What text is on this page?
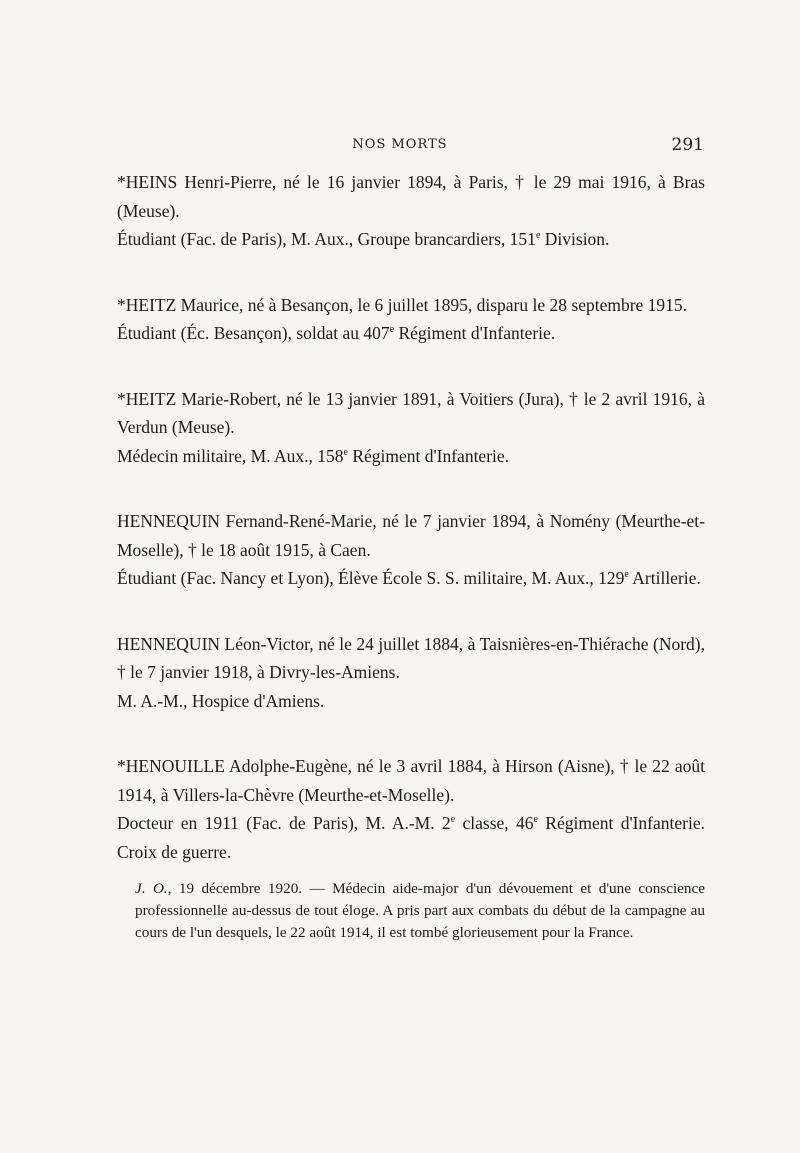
NOS MORTS	291

*HEINS Henri-Pierre, né le 16 janvier 1894, à Paris, † le 29 mai 1916, à Bras (Meuse).

Étudiant (Fac. de Paris), M. Aux., Groupe brancardiers, 151e Division.

*HEITZ Maurice, né à Besançon, le 6 juillet 1895, disparu le 28 septembre 1915.

Étudiant (Éc. Besançon), soldat au 407e Régiment d'Infanterie.

*HEITZ Marie-Robert, né le 13 janvier 1891, à Voitiers (Jura), † le 2 avril 1916, à Verdun (Meuse).

Médecin militaire, M. Aux., 158e Régiment d'Infanterie.

HENNEQUIN Fernand-René-Marie, né le 7 janvier 1894, à Nomény (Meurthe-et-Moselle), † le 18 août 1915, à Caen.

Étudiant (Fac. Nancy et Lyon), Élève École S. S. militaire, M. Aux., 129e Artillerie.

HENNEQUIN Léon-Victor, né le 24 juillet 1884, à Taisnières-en-Thiérache (Nord), † le 7 janvier 1918, à Divry-les-Amiens.

M. A.-M., Hospice d'Amiens.

*HENOUILLE Adolphe-Eugène, né le 3 avril 1884, à Hirson (Aisne), † le 22 août 1914, à Villers-la-Chèvre (Meurthe-et-Moselle).

Docteur en 1911 (Fac. de Paris), M. A.-M. 2e classe, 46e Régiment d'Infanterie. Croix de guerre.

J. O., 19 décembre 1920. — Médecin aide-major d'un dévouement et d'une conscience professionnelle au-dessus de tout éloge. A pris part aux combats du début de la campagne au cours de l'un desquels, le 22 août 1914, il est tombé glorieusement pour la France.
